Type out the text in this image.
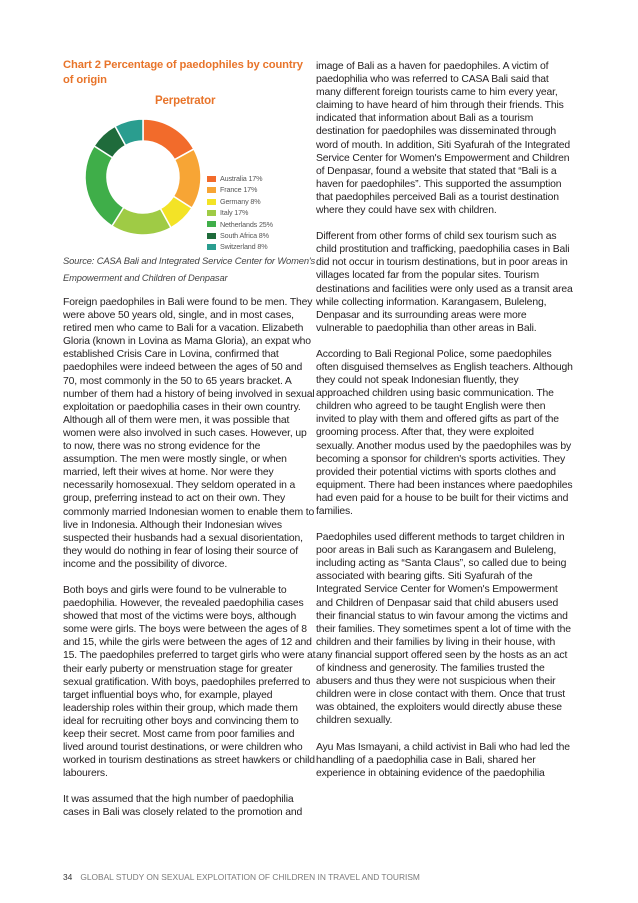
Chart 2 Percentage of paedophiles by country of origin

Perpetrator
Australia 17%
France 17%
Germany 8%
Italy 17%
Netherlands 25%
South Africa 8%
Switzerland 8%
Source: CASA Bali and Integrated Service Center for Women's Empowerment and Children of Denpasar

Foreign paedophiles in Bali were found to be men. They were above 50 years old, single, and in most cases, retired men who came to Bali for a vacation. Elizabeth Gloria (known in Lovina as Mama Gloria), an expat who established Crisis Care in Lovina, confirmed that paedophiles were indeed between the ages of 50 and 70, most commonly in the 50 to 65 years bracket. A number of them had a history of being involved in sexual exploitation or paedophilia cases in their own country. Although all of them were men, it was possible that women were also involved in such cases. However, up to now, there was no strong evidence for the assumption. The men were mostly single, or when married, left their wives at home. Nor were they necessarily homosexual. They seldom operated in a group, preferring instead to act on their own. They commonly married Indonesian women to enable them to live in Indonesia. Although their Indonesian wives suspected their husbands had a sexual disorientation, they would do nothing in fear of losing their source of income and the possibility of divorce.

Both boys and girls were found to be vulnerable to paedophilia. However, the revealed paedophilia cases showed that most of the victims were boys, although some were girls. The boys were between the ages of 8 and 15, while the girls were between the ages of 12 and 15. The paedophiles preferred to target girls who were at their early puberty or menstruation stage for greater sexual gratification. With boys, paedophiles preferred to target influential boys who, for example, played leadership roles within their group, which made them ideal for recruiting other boys and convincing them to keep their secret. Most came from poor families and lived around tourist destinations, or were children who worked in tourism destinations as street hawkers or child labourers.

It was assumed that the high number of paedophilia cases in Bali was closely related to the promotion and

image of Bali as a haven for paedophiles. A victim of paedophilia who was referred to CASA Bali said that many different foreign tourists came to him every year, claiming to have heard of him through their friends. This indicated that information about Bali as a tourism destination for paedophiles was disseminated through word of mouth. In addition, Siti Syafurah of the Integrated Service Center for Women's Empowerment and Children of Denpasar, found a website that stated that “Bali is a haven for paedophiles”. This supported the assumption that paedophiles perceived Bali as a tourist destination where they could have sex with children.

Different from other forms of child sex tourism such as child prostitution and trafficking, paedophilia cases in Bali did not occur in tourism destinations, but in poor areas in villages located far from the popular sites. Tourism destinations and facilities were only used as a transit area while collecting information. Karangasem, Buleleng, Denpasar and its surrounding areas were more vulnerable to paedophilia than other areas in Bali.

According to Bali Regional Police, some paedophiles often disguised themselves as English teachers. Although they could not speak Indonesian fluently, they approached children using basic communication. The children who agreed to be taught English were then invited to play with them and offered gifts as part of the grooming process. After that, they were exploited sexually. Another modus used by the paedophiles was by becoming a sponsor for children's sports activities. They provided their potential victims with sports clothes and equipment. There had been instances where paedophiles had even paid for a house to be built for their victims and families.

Paedophiles used different methods to target children in poor areas in Bali such as Karangasem and Buleleng, including acting as “Santa Claus”, so called due to being associated with bearing gifts. Siti Syafurah of the Integrated Service Center for Women's Empowerment and Children of Denpasar said that child abusers used their financial status to win favour among the victims and their families. They sometimes spent a lot of time with the children and their families by living in their house, with any financial support offered seen by the hosts as an act of kindness and generosity. The families trusted the abusers and thus they were not suspicious when their children were in close contact with them. Once that trust was obtained, the exploiters would directly abuse these children sexually.

Ayu Mas Ismayani, a child activist in Bali who had led the handling of a paedophilia case in Bali, shared her experience in obtaining evidence of the paedophilia

34 GLOBAL STUDY ON SEXUAL EXPLOITATION OF CHILDREN IN TRAVEL AND TOURISM
